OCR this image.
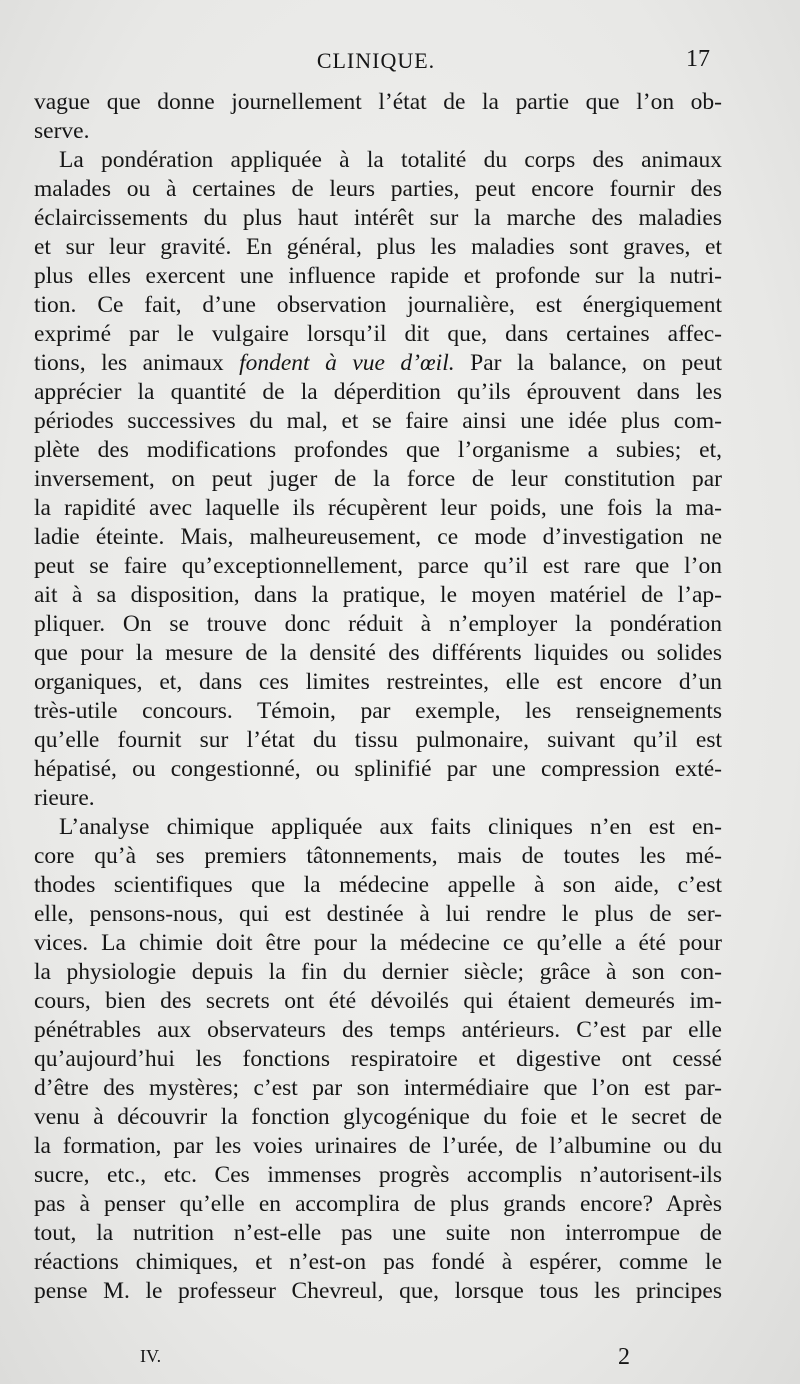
CLINIQUE.	17
vague que donne journellement l’état de la partie que l’on ob-
serve.
La pondération appliquée à la totalité du corps des animaux
malades ou à certaines de leurs parties, peut encore fournir des
éclaircissements du plus haut intérêt sur la marche des maladies
et sur leur gravité. En général, plus les maladies sont graves, et
plus elles exercent une influence rapide et profonde sur la nutri-
tion. Ce fait, d’une observation journalière, est énergiquement
exprimé par le vulgaire lorsqu’il dit que, dans certaines affec-
tions, les animaux fondent à vue d’œil. Par la balance, on peut
apprécier la quantité de la déperdition qu’ils éprouvent dans les
périodes successives du mal, et se faire ainsi une idée plus com-
plète des modifications profondes que l’organisme a subies; et,
inversement, on peut juger de la force de leur constitution par
la rapidité avec laquelle ils récupèrent leur poids, une fois la ma-
ladie éteinte. Mais, malheureusement, ce mode d’investigation ne
peut se faire qu’exceptionnellement, parce qu’il est rare que l’on
ait à sa disposition, dans la pratique, le moyen matériel de l’ap-
pliquer. On se trouve donc réduit à n’employer la pondération
que pour la mesure de la densité des différents liquides ou solides
organiques, et, dans ces limites restreintes, elle est encore d’un
très-utile concours. Témoin, par exemple, les renseignements
qu’elle fournit sur l’état du tissu pulmonaire, suivant qu’il est
hépatisé, ou congestionné, ou splinifié par une compression exté-
rieure.
L’analyse chimique appliquée aux faits cliniques n’en est en-
core qu’à ses premiers tâtonnements, mais de toutes les mé-
thodes scientifiques que la médecine appelle à son aide, c’est
elle, pensons-nous, qui est destinée à lui rendre le plus de ser-
vices. La chimie doit être pour la médecine ce qu’elle a été pour
la physiologie depuis la fin du dernier siècle; grâce à son con-
cours, bien des secrets ont été dévoilés qui étaient demeurés im-
pénétrables aux observateurs des temps antérieurs. C’est par elle
qu’aujourd’hui les fonctions respiratoire et digestive ont cessé
d’être des mystères; c’est par son intermédiaire que l’on est par-
venu à découvrir la fonction glycogénique du foie et le secret de
la formation, par les voies urinaires de l’urée, de l’albumine ou du
sucre, etc., etc. Ces immenses progrès accomplis n’autorisent-ils
pas à penser qu’elle en accomplira de plus grands encore? Après
tout, la nutrition n’est-elle pas une suite non interrompue de
réactions chimiques, et n’est-on pas fondé à espérer, comme le
pense M. le professeur Chevreul, que, lorsque tous les principes
IV.	2
